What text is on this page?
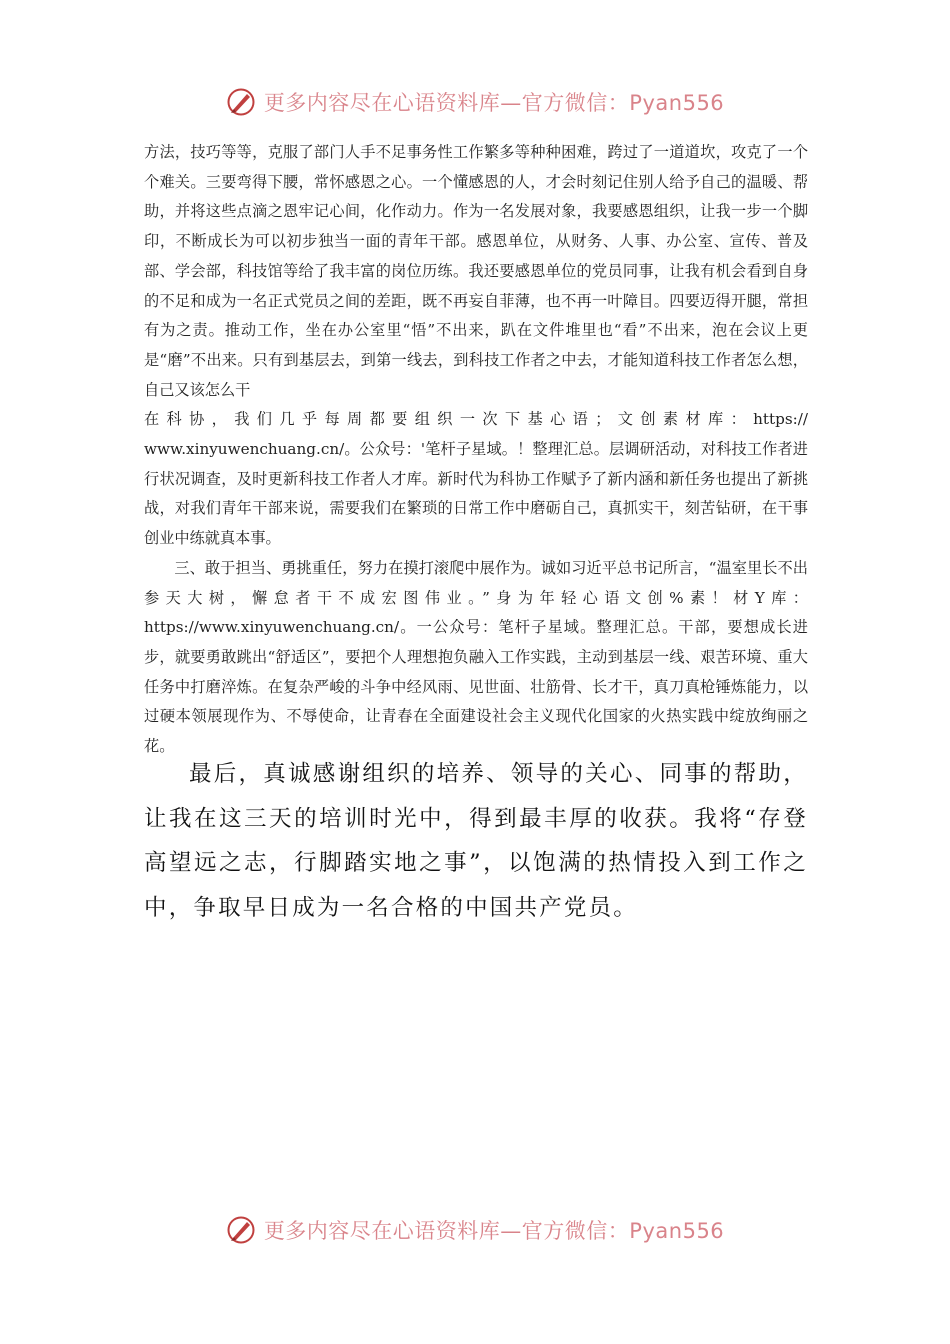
更多内容尽在心语资料库—官方微信：Pyan556

方法，技巧等等，克服了部门人手不足事务性工作繁多等种种困难，跨过了一道道坎，攻克了一个个难关。三要弯得下腰，常怀感恩之心。一个懂感恩的人，才会时刻记住别人给予自己的温暖、帮助，并将这些点滴之恩牢记心间，化作动力。作为一名发展对象，我要感恩组织，让我一步一个脚印，不断成长为可以初步独当一面的青年干部。感恩单位，从财务、人事、办公室、宣传、普及部、学会部，科技馆等给了我丰富的岗位历练。我还要感恩单位的党员同事，让我有机会看到自身的不足和成为一名正式党员之间的差距，既不再妄自菲薄，也不再一叶障目。四要迈得开腿，常担有为之责。推动工作，坐在办公室里“悟”不出来，趴在文件堆里也“看”不出来，泡在会议上更是“磨”不出来。只有到基层去，到第一线去，到科技工作者之中去，才能知道科技工作者怎么想，自己又该怎么干

在科协，我们几乎每周都要组织一次下基心语；文创素材库：https://

www.xinyuwenchuang.cn/。公众号：'笔杆子星域。！整理汇总。层调研活动，对科技工作者进行状况调查，及时更新科技工作者人才库。新时代为科协工作赋予了新内涵和新任务也提出了新挑战，对我们青年干部来说，需要我们在繁琐的日常工作中磨砺自己，真抓实干，刻苦钻研，在干事创业中练就真本事。

三、敢于担当、勇挑重任，努力在摸打滚爬中展作为。诚如习近平总书记所言，“温室里长不出参天大树，懈怠者干不成宏图伟业。”身为年轻心语文创%素！材Y库：https://www.xinyuwenchuang.cn/。一公众号：笔杆子星域。整理汇总。干部，要想成长进步，就要勇敢跳出“舒适区”，要把个人理想抱负融入工作实践，主动到基层一线、艰苦环境、重大任务中打磨淬炼。在复杂严峻的斗争中经风雨、见世面、壮筋骨、长才干，真刀真枪锤炼能力，以过硬本领展现作为、不辱使命，让青春在全面建设社会主义现代化国家的火热实践中绽放绚丽之花。

最后，真诚感谢组织的培养、领导的关心、同事的帮助，让我在这三天的培训时光中，得到最丰厚的收获。我将“存登高望远之志，行脚踏实地之事”，以饱满的热情投入到工作之中，争取早日成为一名合格的中国共产党员。

更多内容尽在心语资料库—官方微信：Pyan556
